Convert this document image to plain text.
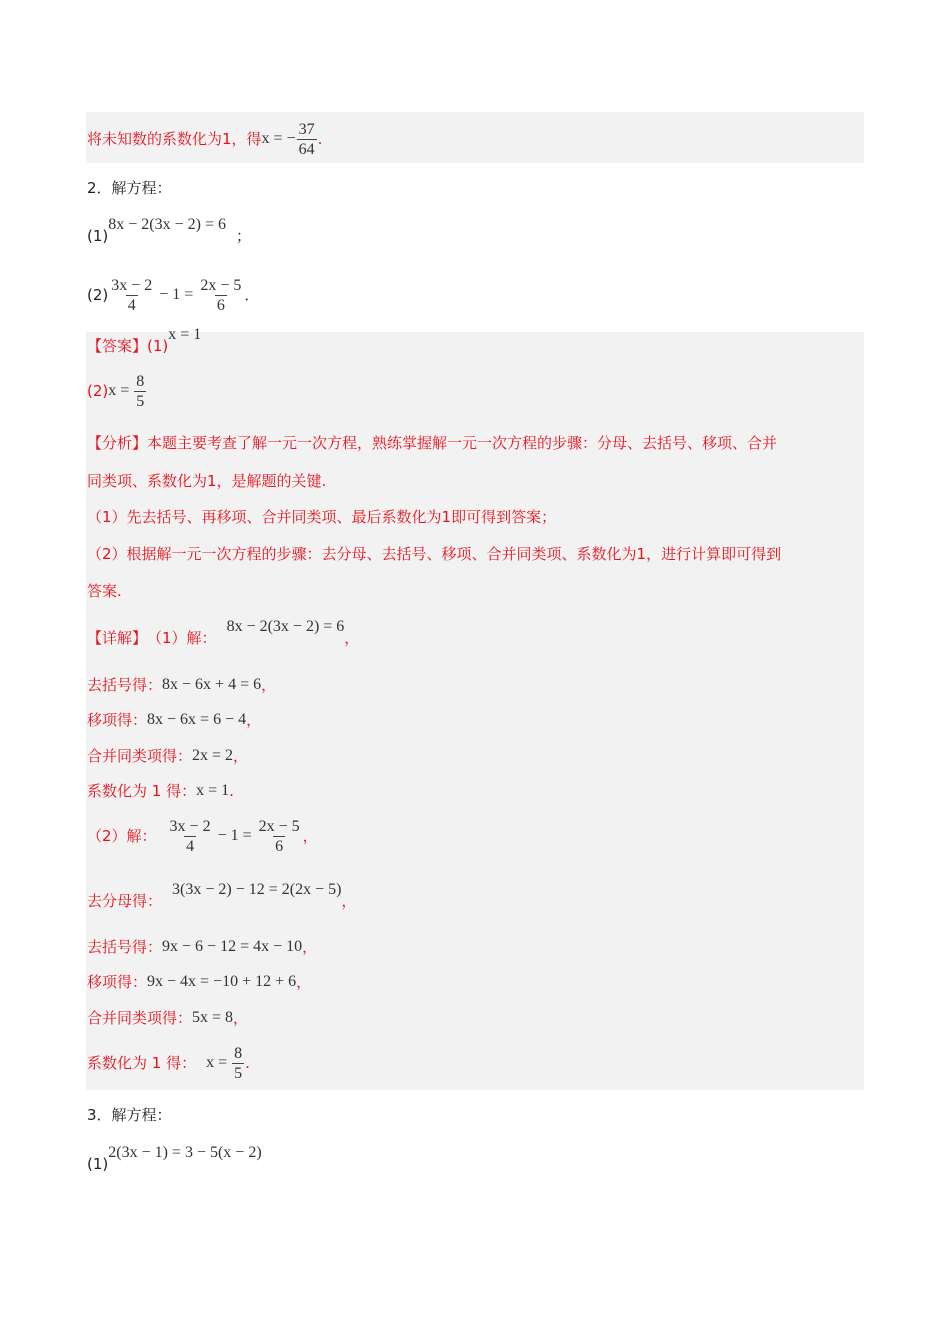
将未知数的系数化为1，得 x = − $\frac{37}{64}$ .
2．解方程：
(1)
8x − 2(3x − 2) = 6
；
$(2) \frac{3x - 2}{4} - 1 = \frac{2x - 5}{6}$ ．
【答案】 (1)
x = 1
(2) $x = \frac{8}{5}$
【分析】 本题主要考查了解一元一次方程，熟练掌握解一元一次方程的步骤：分母、去括号、移项、合并
同类项、系数化为1，是解题的关键.
（1）先去括号、再移项、合并同类项、最后系数化为1即可得到答案；
（2）根据解一元一次方程的步骤：去分母、去括号、移项、合并同类项、系数化为1，进行计算即可得到
答案.
【详解】 （1）解：
8x − 2(3x − 2) = 6
，
去括号得： 8x − 6x + 4 = 6 ，
移项得： 8x − 6x = 6 − 4 ，
合并同类项得： 2x = 2 ，
系数化为 1 得： x = 1 .
（2）解： $\frac{3x - 2}{4} - 1 = \frac{2x - 5}{6}$ ，
去分母得：
3(3x − 2) − 12 = 2(2x − 5)
，
去括号得： 9x − 6 − 12 = 4x − 10 ，
移项得： 9x − 4x = −10 + 12 + 6 ，
合并同类项得： 5x = 8 ，
系数化为 1 得： $x = \frac{8}{5}$ .
3．解方程：
(1)
2(3x − 1) = 3 − 5(x − 2)
